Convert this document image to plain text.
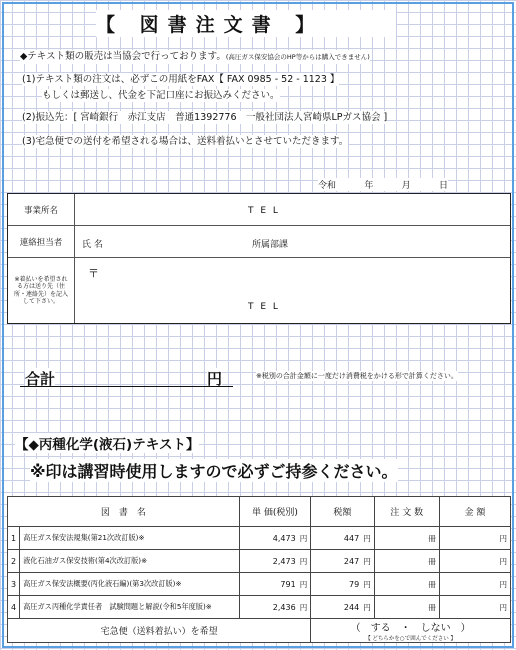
【 図書注文書 】
◆テキスト類の販売は当協会で行っております。(高圧ガス保安協会のHP等からは購入できません)
(1)テキスト類の注文は、必ずこの用紙をFAX【 FAX 0985 - 52 - 1123 】
もしくは郵送し、代金を下記口座にお振込みください。
(2)振込先：[ 宮崎銀行　赤江支店　普通1392776　一般社団法人宮崎県LPガス協会 ]
(3)宅急便での送付を希望される場合は、送料着払いとさせていただきます。
令和	年	月	日
事業所名	T E L
連絡担当者	氏 名	所属部課
※着払いを希望される方は送り先（住所・連絡先）を記入して下さい。
〒
T E L
合計	円	※税別の合計金額に一度だけ消費税をかける形で計算ください。
【◆丙種化学(液石)テキスト】
※印は講習時使用しますので必ずご持参ください。
図　書　名		単 価(税別)	税額	注 文 数	金 額
1	高圧ガス保安法規集(第21次改訂版)※	4,473 円	447 円	冊	円
2	液化石油ガス保安技術(第4次改訂版)※	2,473 円	247 円	冊	円
3	高圧ガス保安法概要(丙化液石編)(第3次改訂版)※	791 円	79 円	冊	円
4	高圧ガス丙種化学責任者　試験問題と解説(令和5年度版)※	2,436 円	244 円	冊	円
宅急便（送料着払い）を希望			（　する　・　しない　）
【 どちらかを○で囲んでください 】		
